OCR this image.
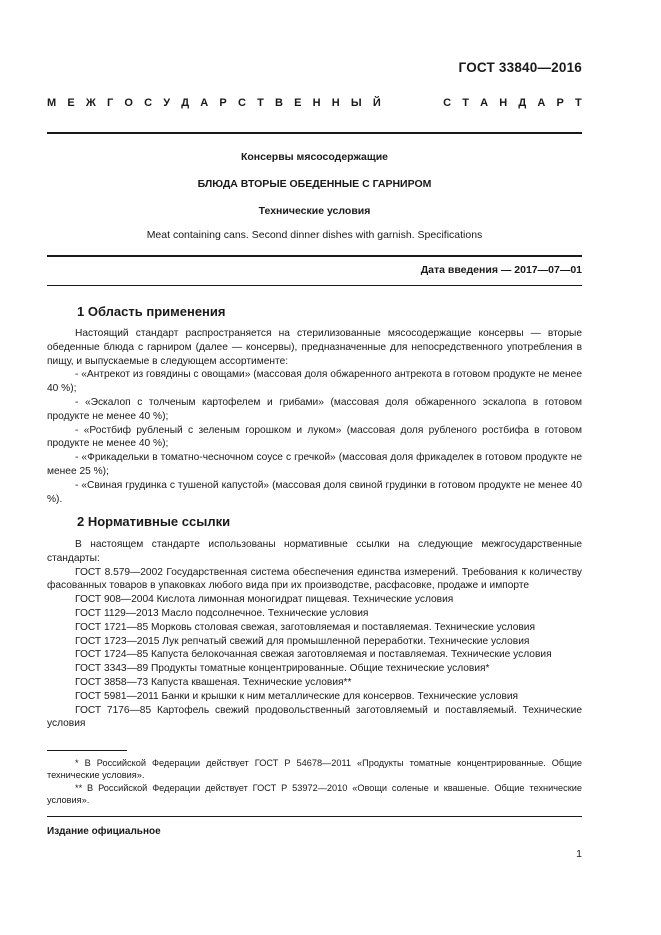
ГОСТ 33840—2016
М Е Ж Г О С У Д А Р С Т В Е Н Н Ы Й	С Т А Н Д А Р Т
Консервы мясосодержащие
БЛЮДА ВТОРЫЕ ОБЕДЕННЫЕ С ГАРНИРОМ
Технические условия
Meat containing cans. Second dinner dishes with garnish. Specifications
Дата введения — 2017—07—01
1 Область применения

Настоящий стандарт распространяется на стерилизованные мясосодержащие консервы — вторые обеденные блюда с гарниром (далее — консервы), предназначенные для непосредственного употребления в пищу, и выпускаемые в следующем ассортименте:

- «Антрекот из говядины с овощами» (массовая доля обжаренного антрекота в готовом продукте не менее 40 %);

- «Эскалоп с толченым картофелем и грибами» (массовая доля обжаренного эскалопа в готовом продукте не менее 40 %);

- «Ростбиф рубленый с зеленым горошком и луком» (массовая доля рубленого ростбифа в готовом продукте не менее 40 %);

- «Фрикадельки в томатно-чесночном соусе с гречкой» (массовая доля фрикаделек в готовом продукте не менее 25 %);

- «Свиная грудинка с тушеной капустой» (массовая доля свиной грудинки в готовом продукте не менее 40 %).

2 Нормативные ссылки

В настоящем стандарте использованы нормативные ссылки на следующие межгосударственные стандарты:

ГОСТ 8.579—2002 Государственная система обеспечения единства измерений. Требования к количеству фасованных товаров в упаковках любого вида при их производстве, расфасовке, продаже и импорте

ГОСТ 908—2004 Кислота лимонная моногидрат пищевая. Технические условия

ГОСТ 1129—2013 Масло подсолнечное. Технические условия

ГОСТ 1721—85 Морковь столовая свежая, заготовляемая и поставляемая. Технические условия

ГОСТ 1723—2015 Лук репчатый свежий для промышленной переработки. Технические условия

ГОСТ 1724—85 Капуста белокочанная свежая заготовляемая и поставляемая. Технические условия

ГОСТ 3343—89 Продукты томатные концентрированные. Общие технические условия*

ГОСТ 3858—73 Капуста квашеная. Технические условия**

ГОСТ 5981—2011 Банки и крышки к ним металлические для консервов. Технические условия

ГОСТ 7176—85 Картофель свежий продовольственный заготовляемый и поставляемый. Технические условия

* В Российской Федерации действует ГОСТ Р 54678—2011 «Продукты томатные концентрированные. Общие технические условия».

** В Российской Федерации действует ГОСТ Р 53972—2010 «Овощи соленые и квашеные. Общие технические условия».

Издание официальное
1
